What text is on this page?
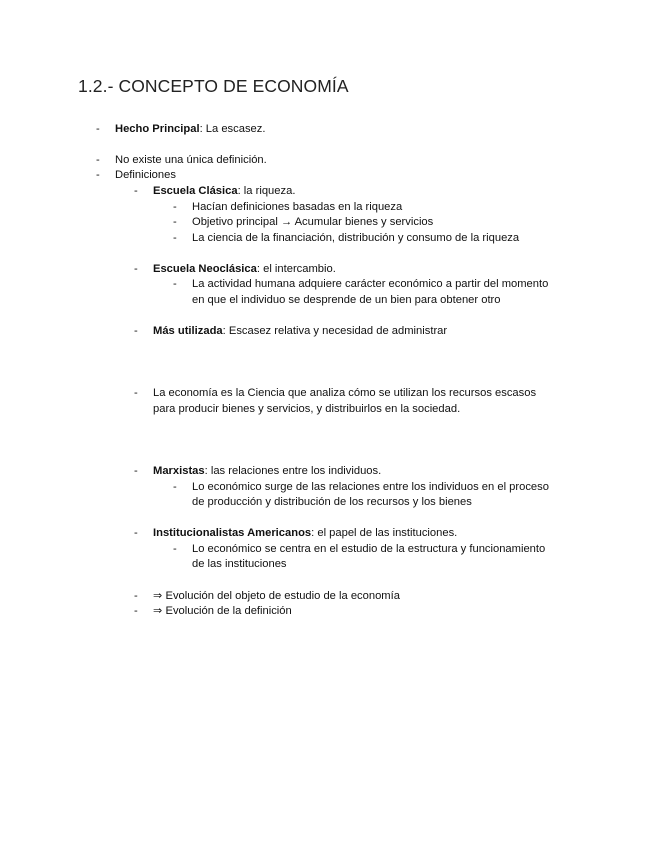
1.2.- CONCEPTO DE ECONOMÍA
- Hecho Principal: La escasez.
- No existe una única definición.
- Definiciones
- Escuela Clásica: la riqueza.
- Hacían definiciones basadas en la riqueza
- Objetivo principal → Acumular bienes y servicios
- La ciencia de la financiación, distribución y consumo de la riqueza
- Escuela Neoclásica: el intercambio.
- La actividad humana adquiere carácter económico a partir del momento
en que el individuo se desprende de un bien para obtener otro
- Más utilizada: Escasez relativa y necesidad de administrar
- La economía es la Ciencia que analiza cómo se utilizan los recursos escasos
para producir bienes y servicios, y distribuirlos en la sociedad.
- Marxistas: las relaciones entre los individuos.
- Lo económico surge de las relaciones entre los individuos en el proceso
de producción y distribución de los recursos y los bienes
- Institucionalistas Americanos: el papel de las instituciones.
- Lo económico se centra en el estudio de la estructura y funcionamiento
de las instituciones
- ⇒ Evolución del objeto de estudio de la economía
- ⇒ Evolución de la definición
